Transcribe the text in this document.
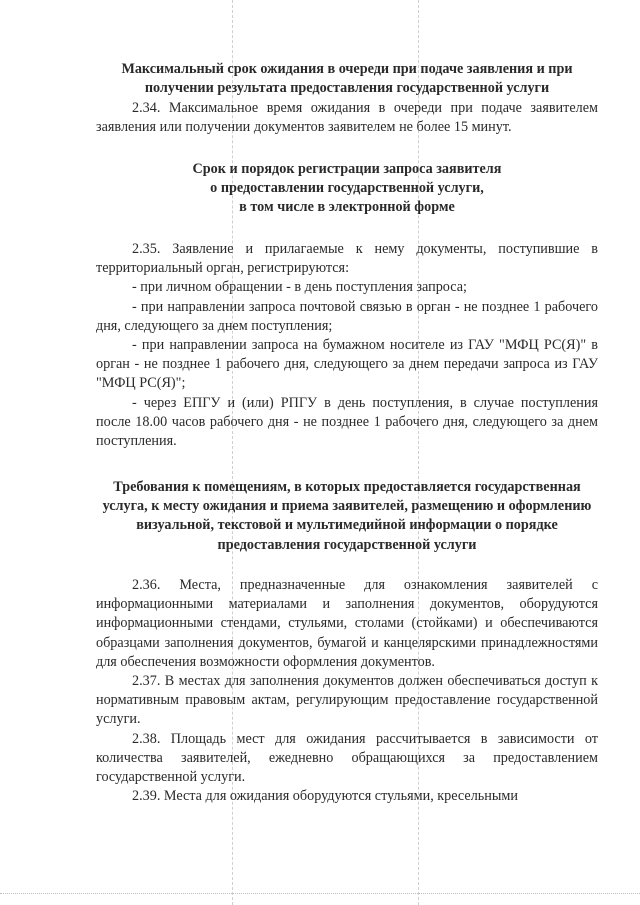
Максимальный срок ожидания в очереди при подаче заявления и при получении результата предоставления государственной услуги

2.34. Максимальное время ожидания в очереди при подаче заявителем заявления или получении документов заявителем не более 15 минут.

Срок и порядок регистрации запроса заявителя

о предоставлении государственной услуги,

в том числе в электронной форме

2.35. Заявление и прилагаемые к нему документы, поступившие в территориальный орган, регистрируются:

- при личном обращении - в день поступления запроса;

- при направлении запроса почтовой связью в орган - не позднее 1 рабочего дня, следующего за днем поступления;

- при направлении запроса на бумажном носителе из ГАУ "МФЦ РС(Я)" в орган - не позднее 1 рабочего дня, следующего за днем передачи запроса из ГАУ "МФЦ РС(Я)";

- через ЕПГУ и (или) РПГУ в день поступления, в случае поступления после 18.00 часов рабочего дня - не позднее 1 рабочего дня, следующего за днем поступления.

Требования к помещениям, в которых предоставляется государственная услуга, к месту ожидания и приема заявителей, размещению и оформлению визуальной, текстовой и мультимедийной информации о порядке предоставления государственной услуги

2.36. Места, предназначенные для ознакомления заявителей с информационными материалами и заполнения документов, оборудуются информационными стендами, стульями, столами (стойками) и обеспечиваются образцами заполнения документов, бумагой и канцелярскими принадлежностями для обеспечения возможности оформления документов.

2.37. В местах для заполнения документов должен обеспечиваться доступ к нормативным правовым актам, регулирующим предоставление государственной услуги.

2.38. Площадь мест для ожидания рассчитывается в зависимости от количества заявителей, ежедневно обращающихся за предоставлением государственной услуги.

2.39. Места для ожидания оборудуются стульями, кресельными
